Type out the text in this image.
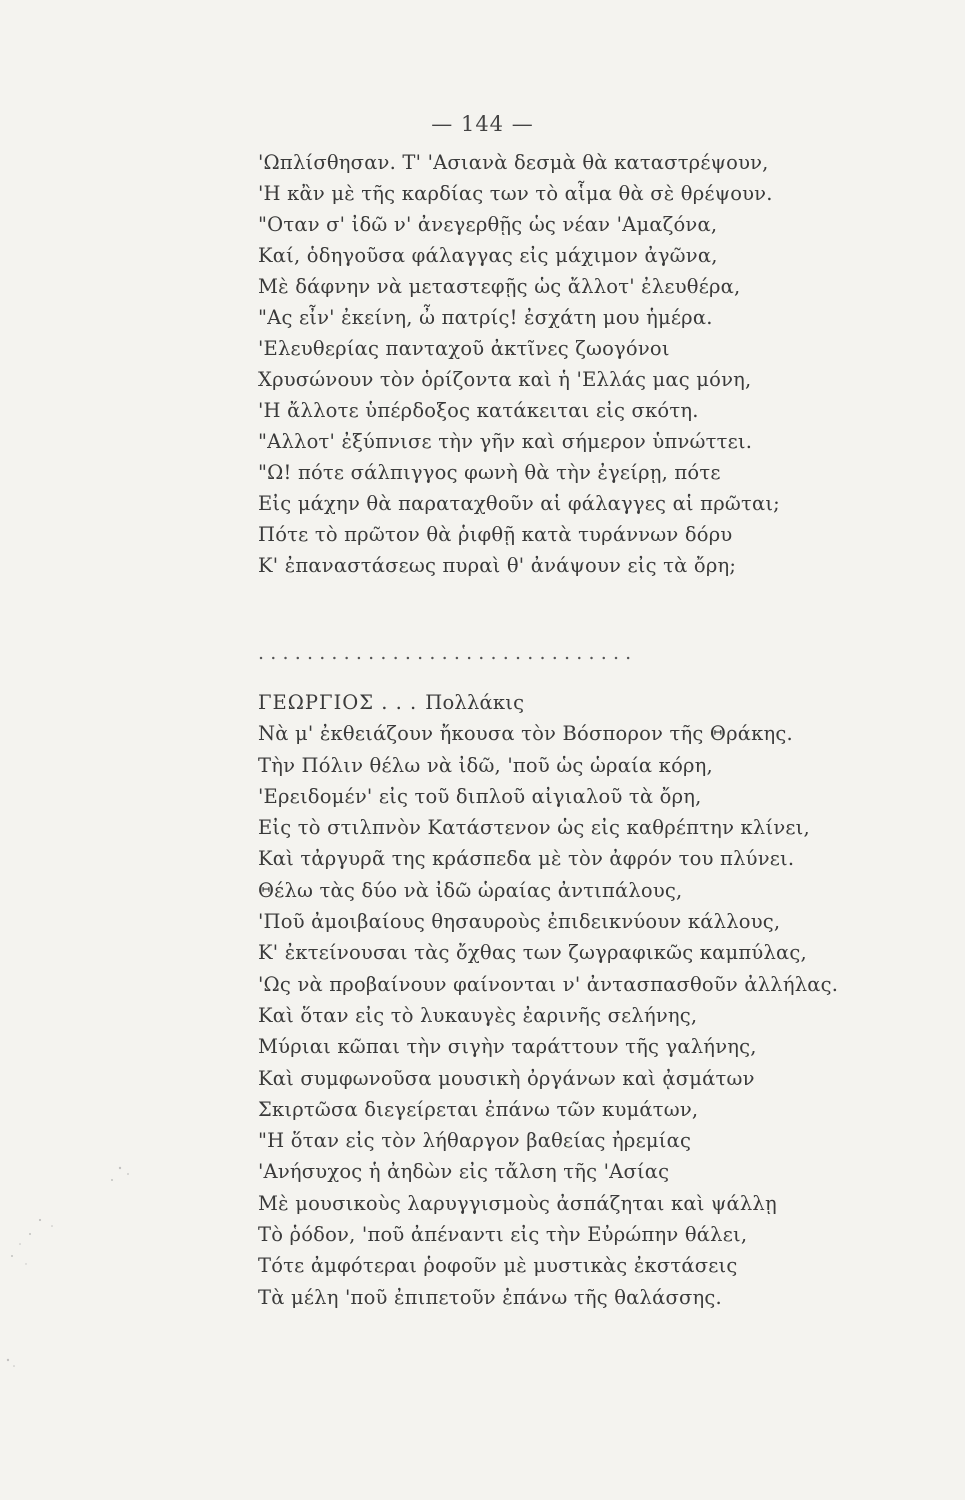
— 144 —
'Ωπλίσθησαν. Τ' 'Ασιανὰ δεσμὰ θὰ καταστρέψουν,
'Η κἂν μὲ τῆς καρδίας των τὸ αἷμα θὰ σὲ θρέψουν.
"Οταν σ' ἰδῶ ν' ἀνεγερθῇς ὡς νέαν 'Αμαζόνα,
Καί, ὁδηγοῦσα φάλαγγας εἰς μάχιμον ἀγῶνα,
Μὲ δάφνην νὰ μεταστεφῇς ὡς ἄλλοτ' ἐλευθέρα,
"Ας εἶν' ἐκείνη, ὦ πατρίς! ἐσχάτη μου ἡμέρα.
'Ελευθερίας πανταχοῦ ἀκτῖνες ζωογόνοι
Χρυσώνουν τὸν ὁρίζοντα καὶ ἡ 'Ελλάς μας μόνη,
'Η ἄλλοτε ὑπέρδοξος κατάκειται εἰς σκότη.
"Αλλοτ' ἐξύπνισε τὴν γῆν καὶ σήμερον ὑπνώττει.
"Ω! πότε σάλπιγγος φωνὴ θὰ τὴν ἐγείρῃ, πότε
Εἰς μάχην θὰ παραταχθοῦν αἱ φάλαγγες αἱ πρῶται;
Πότε τὸ πρῶτον θὰ ῥιφθῇ κατὰ τυράννων δόρυ
Κ' ἐπαναστάσεως πυραὶ θ' ἀνάψουν εἰς τὰ ὄρη;
...............................
ΓΕΩΡΓΙΟΣ . . . Πολλάκις
Νὰ μ' ἐκθειάζουν ἤκουσα τὸν Βόσπορον τῆς Θράκης.
Τὴν Πόλιν θέλω νὰ ἰδῶ, 'ποῦ ὡς ὡραία κόρη,
'Ερειδομέν' εἰς τοῦ διπλοῦ αἰγιαλοῦ τὰ ὄρη,
Εἰς τὸ στιλπνὸν Κατάστενον ὡς εἰς καθρέπτην κλίνει,
Καὶ τἀργυρᾶ της κράσπεδα μὲ τὸν ἀφρόν του πλύνει.
Θέλω τὰς δύο νὰ ἰδῶ ὡραίας ἀντιπάλους,
'Ποῦ ἀμοιβαίους θησαυροὺς ἐπιδεικνύουν κάλλους,
Κ' ἐκτείνουσαι τὰς ὄχθας των ζωγραφικῶς καμπύλας,
'Ως νὰ προβαίνουν φαίνονται ν' ἀντασπασθοῦν ἀλλήλας.
Καὶ ὅταν εἰς τὸ λυκαυγὲς ἐαρινῆς σελήνης,
Μύριαι κῶπαι τὴν σιγὴν ταράττουν τῆς γαλήνης,
Καὶ συμφωνοῦσα μουσικὴ ὀργάνων καὶ ᾀσμάτων
Σκιρτῶσα διεγείρεται ἐπάνω τῶν κυμάτων,
"Η ὅταν εἰς τὸν λήθαργον βαθείας ἠρεμίας
'Ανήσυχος ἡ ἀηδὼν εἰς τἄλση τῆς 'Ασίας
Μὲ μουσικοὺς λαρυγγισμοὺς ἀσπάζηται καὶ ψάλλῃ
Τὸ ῥόδον, 'ποῦ ἀπέναντι εἰς τὴν Εὐρώπην θάλει,
Τότε ἀμφότεραι ῥοφοῦν μὲ μυστικὰς ἐκστάσεις
Τὰ μέλη 'ποῦ ἐπιπετοῦν ἐπάνω τῆς θαλάσσης.
